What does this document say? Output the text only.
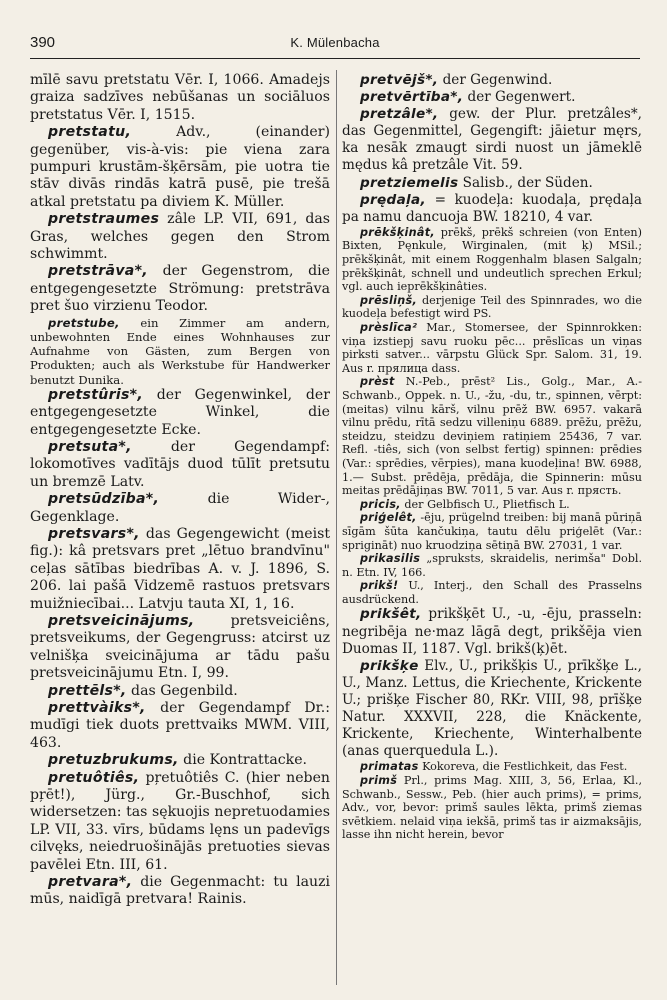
390	K. Mülenbacha

mīlē savu pretstatu Vēr. I, 1066. Amadejs graiza sadzīves nebūšanas un sociāluos pretstatus Vēr. I, 1515.

pretstatu, Adv., (einander) gegenüber, vis-à-vis: pie viena zara pumpuri krustām-šķērsām, pie uotra tie stāv divās rindās katrā pusē, pie trešā atkal pretstatu pa diviem K. Müller.

pretstraumes zâle LP. VII, 691, das Gras, welches gegen den Strom schwimmt.

pretstrāva*, der Gegenstrom, die entgegengesetzte Strömung: pretstrāva pret šuo virzienu Teodor.

pretstube, ein Zimmer am andern, unbewohnten Ende eines Wohnhauses zur Aufnahme von Gästen, zum Bergen von Produkten; auch als Werkstube für Handwerker benutzt Dunika.

pretstûris*, der Gegenwinkel, der entgegengesetzte Winkel, die entgegengesetzte Ecke.

pretsuta*, der Gegendampf: lokomotīves vadītājs duod tūlīt pretsutu un bremzē Latv.

pretsūdzība*, die Wider-, Gegenklage.

pretsvars*, das Gegengewicht (meist fig.): kâ pretsvars pret „lētuo brandvīnu" ceļas sātības biedrības A. v. J. 1896, S. 206. lai pašā Vidzemē rastuos pretsvars muižniecībai... Latvju tauta XI, 1, 16.

pretsveicinājums, pretsveiciêns, pretsveikums, der Gegengruss: atcirst uz velnišķa sveicinājuma ar tādu pašu pretsveicinājumu Etn. I, 99.

prettēls*, das Gegenbild.

prettvàiks*, der Gegendampf Dr.: mudīgi tiek duots prettvaiks MWM. VIII, 463.

pretuzbrukums, die Kontrattacke.

pretuôtiês, pŗetuôtiês C. (hier neben pŗēt!), Jürg., Gr.-Buschhof, sich widersetzen: tas sękuojis nepretuodamies LP. VII, 33. vīrs, būdams lęns un padevīgs cilvęks, neiedruošinājās pretuoties sievas pavēlei Etn. III, 61.

pretvara*, die Gegenmacht: tu lauzi mūs, naidīgā pretvara! Rainis.

pretvējš*, der Gegenwind.

pretvērtība*, der Gegenwert.

pretzâle*, gew. der Plur. pretzâles*, das Gegenmittel, Gegengift: jāietur męrs, ka nesāk zmaugt sirdi nuost un jāmeklē mędus kâ pretzâle Vit. 59.

pretziemelis Salisb., der Süden.

prędaļa, = kuodeļa: kuodaļa, prędaļa pa namu dancuoja BW. 18210, 4 var.

prēkšķinât, prēkš, prēkš schreien (von Enten) Bixten, Pęnkule, Wirginalen, (mit ķ) MSil.; prēkšķinât, mit einem Roggenhalm blasen Salgaln; prēkšķinât, schnell und undeutlich sprechen Erkul; vgl. auch ieprēkšķinâties.

prēsliņš, derjenige Teil des Spinnrades, wo die kuodeļa befestigt wird PS.

prèslīca² Mar., Stomersee, der Spinnrokken: viņa izstiepj savu ruoku pēc... prēslīcas un viņas pirksti satver... vārpstu Glück Spr. Salom. 31, 19. Aus r. прялица dass.

prèst N.-Peb., prēst² Lis., Golg., Mar., A.-Schwanb., Oppek. n. U., -žu, -du, tr., spinnen, vērpt: (meitas) vilnu kārš, vilnu prēž BW. 6957. vakarā vilnu prēdu, rītā sedzu villeniņu 6889. prēžu, prēžu, steidzu, steidzu deviņiem ratiņiem 25436, 7 var. Refl. -tiês, sich (von selbst fertig) spinnen: prēdies (Var.: sprēdies, vērpies), mana kuodeļina! BW. 6988, 1.— Subst. prēdēja, prēdāja, die Spinnerin: mūsu meitas prēdājiņas BW. 7011, 5 var. Aus r. прясть.

pricis, der Gelbfisch U., Plietfisch L.

priģelêt, -ēju, prügelnd treiben: bij manā pūriņā sīgām šūta kančukiņa, tautu dēlu priģelēt (Var.: sprigināt) nuo kruodziņa sētiņā BW. 27031, 1 var.

prikasilis „spruksts, skraidelis, nerimša" Dobl. n. Etn. IV, 166.

prikš! U., Interj., den Schall des Prasselns ausdrückend.

prikšêt, prikšķēt U., -u, -ēju, prasseln: negribēja ne·maz lāgā degt, prikšēja vien Duomas II, 1187. Vgl. brikš(ķ)ēt.

prikšķe Elv., U., prikšķis U., prīkšķe L., U., Manz. Lettus, die Kriechente, Krickente U.; prišķe Fischer 80, RKr. VIII, 98, prīšķe Natur. XXXVII, 228, die Knäckente, Krickente, Kriechente, Winterhalbente (anas querquedula L.).

primatas Kokoreva, die Festlichkeit, das Fest.

primš Prl., prims Mag. XIII, 3, 56, Erlaa, Kl., Schwanb., Sessw., Peb. (hier auch prims), = prims, Adv., vor, bevor: primš saules lēkta, primš ziemas svētkiem. nelaid viņa iekšā, primš tas ir aizmaksājis, lasse ihn nicht herein, bevor
